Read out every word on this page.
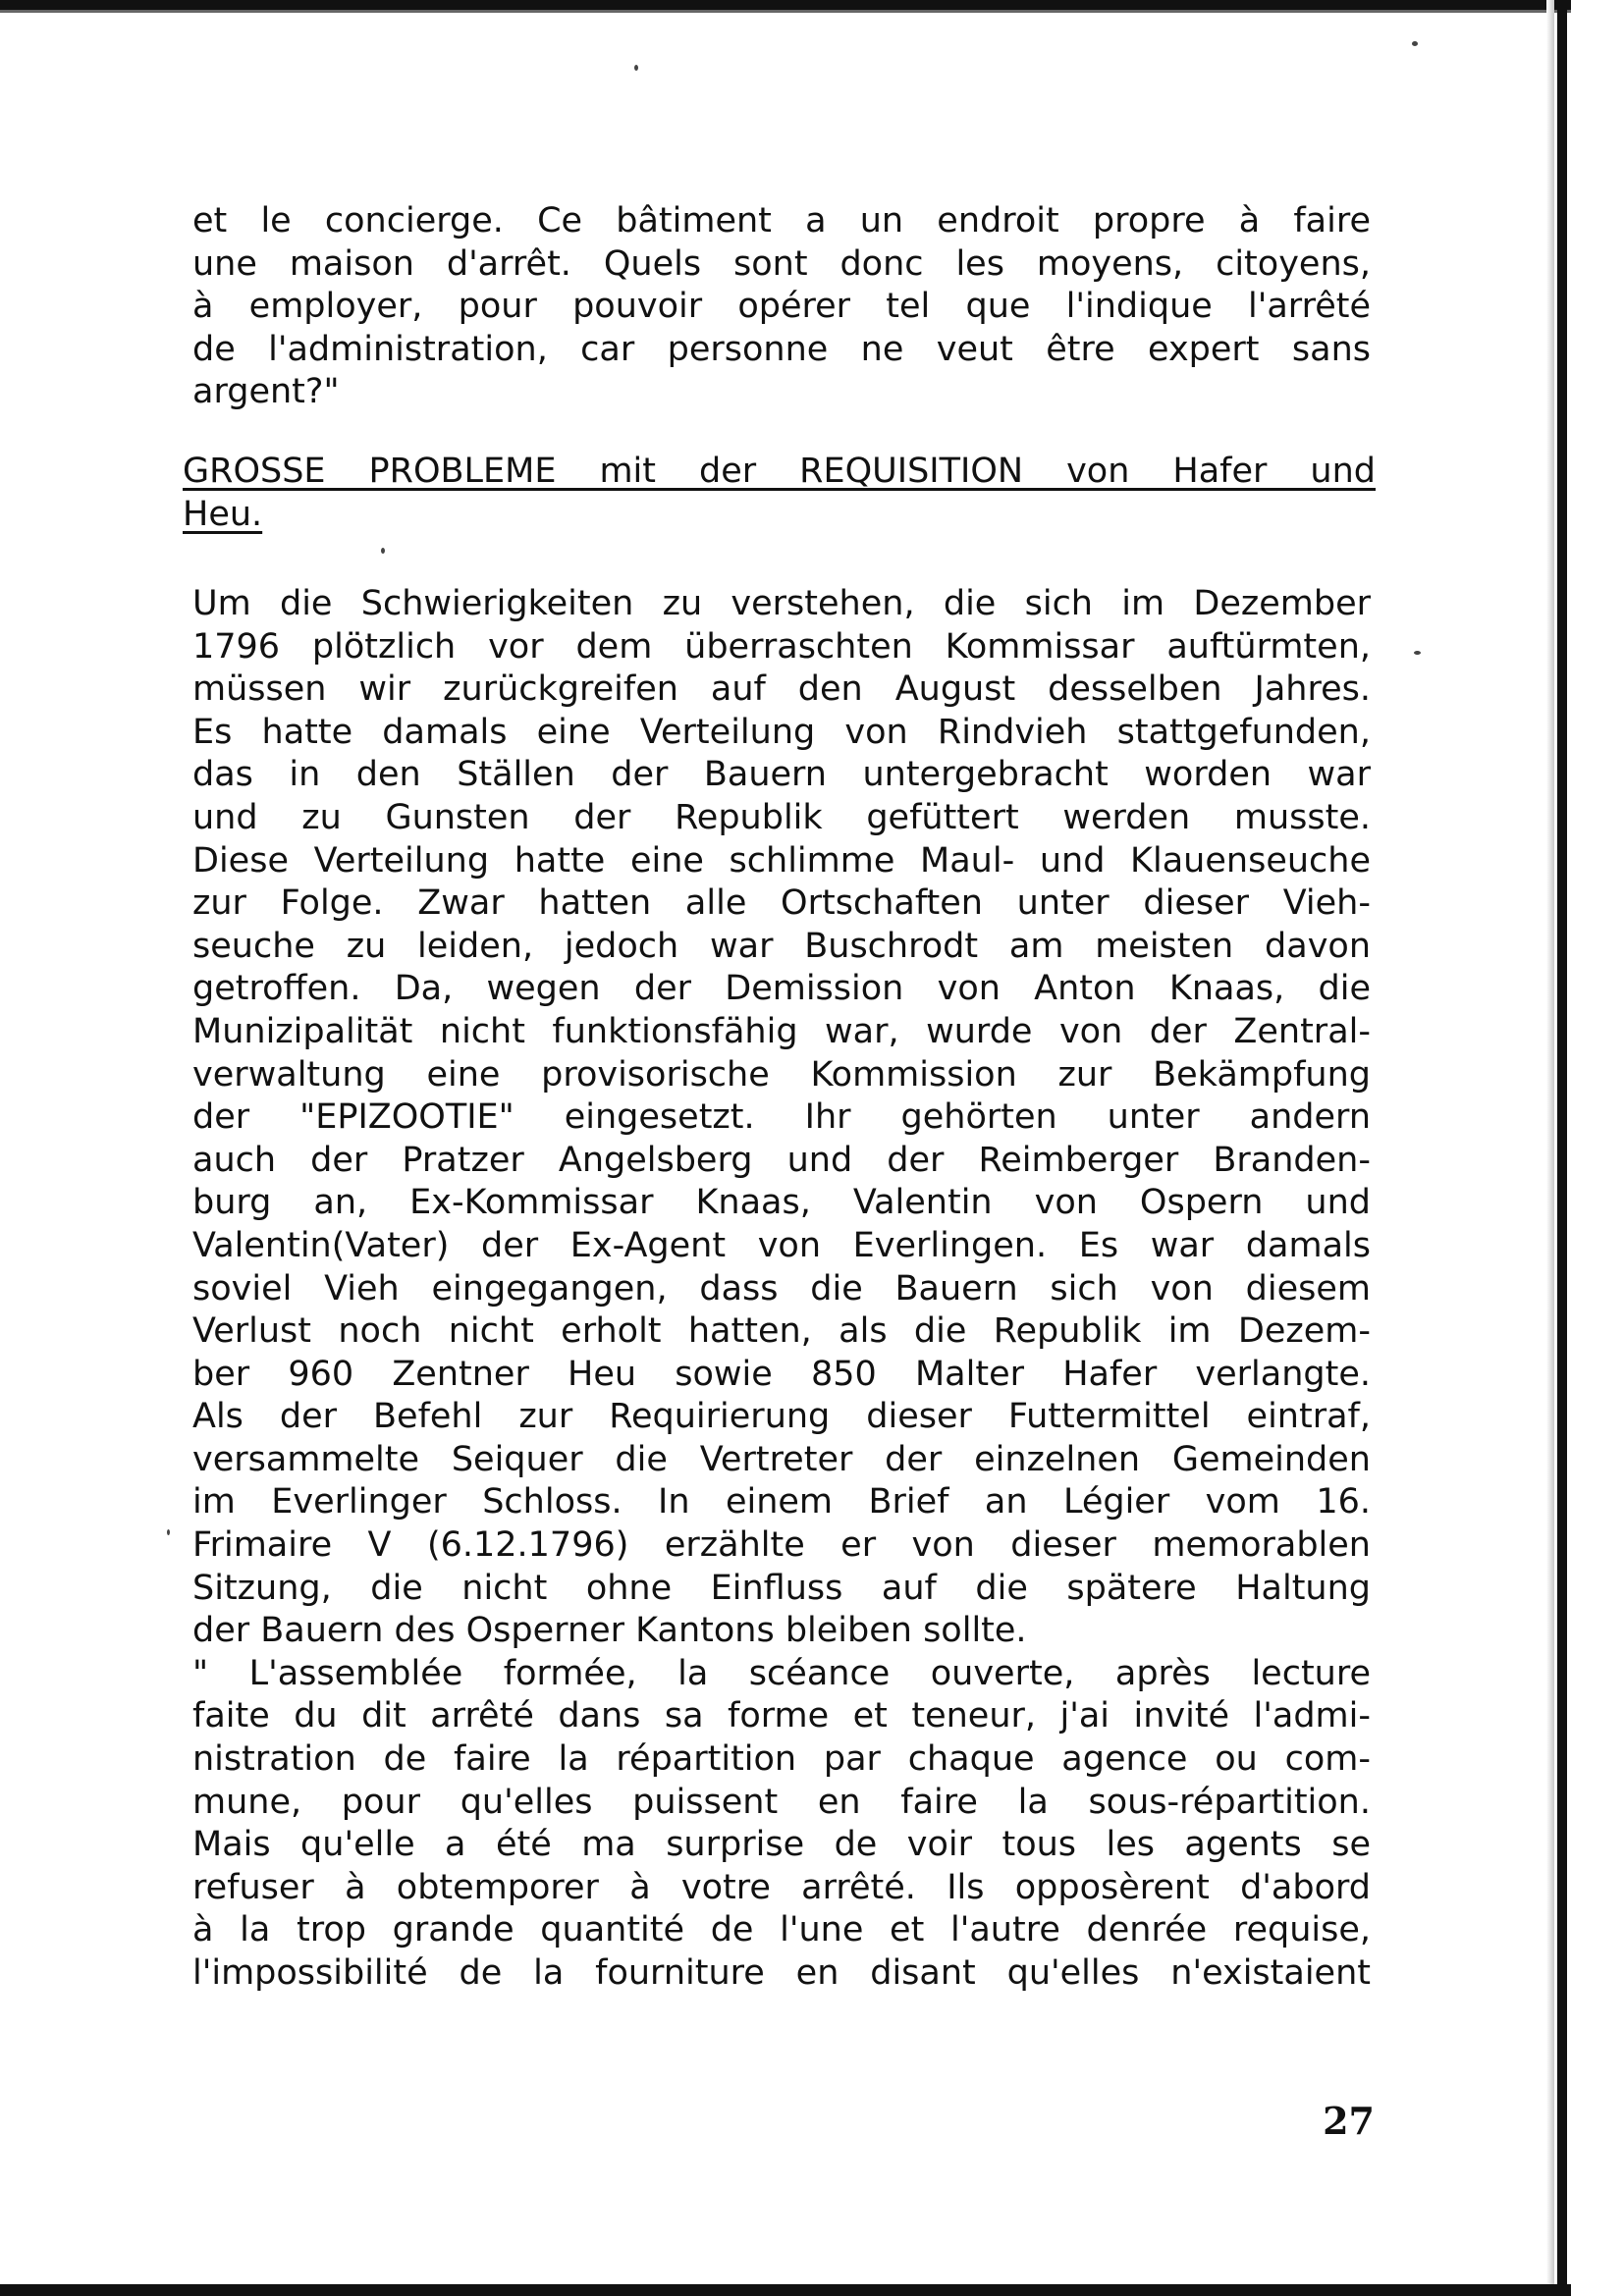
et le concierge. Ce bâtiment a un endroit propre à faire
une maison d'arrêt. Quels sont donc les moyens, citoyens,
à employer, pour pouvoir opérer tel que l'indique l'arrêté
de l'administration, car personne ne veut être expert sans
argent?"
GROSSE PROBLEME mit der REQUISITION von Hafer und
Heu.
Um die Schwierigkeiten zu verstehen, die sich im Dezember
1796 plötzlich vor dem überraschten Kommissar auftürmten,
müssen wir zurückgreifen auf den August desselben Jahres.
Es hatte damals eine Verteilung von Rindvieh stattgefunden,
das in den Ställen der Bauern untergebracht worden war
und zu Gunsten der Republik gefüttert werden musste.
Diese Verteilung hatte eine schlimme Maul- und Klauenseuche
zur Folge. Zwar hatten alle Ortschaften unter dieser Vieh-
seuche zu leiden, jedoch war Buschrodt am meisten davon
getroffen. Da, wegen der Demission von Anton Knaas, die
Munizipalität nicht funktionsfähig war, wurde von der Zentral-
verwaltung eine provisorische Kommission zur Bekämpfung
der "EPIZOOTIE" eingesetzt. Ihr gehörten unter andern
auch der Pratzer Angelsberg und der Reimberger Branden-
burg an, Ex-Kommissar Knaas, Valentin von Ospern und
Valentin(Vater) der Ex-Agent von Everlingen. Es war damals
soviel Vieh eingegangen, dass die Bauern sich von diesem
Verlust noch nicht erholt hatten, als die Republik im Dezem-
ber 960 Zentner Heu sowie 850 Malter Hafer verlangte.
Als der Befehl zur Requirierung dieser Futtermittel eintraf,
versammelte Seiquer die Vertreter der einzelnen Gemeinden
im Everlinger Schloss. In einem Brief an Légier vom 16.
Frimaire V (6.12.1796) erzählte er von dieser memorablen
Sitzung, die nicht ohne Einfluss auf die spätere Haltung
der Bauern des Osperner Kantons bleiben sollte.
" L'assemblée formée, la scéance ouverte, après lecture
faite du dit arrêté dans sa forme et teneur, j'ai invité l'admi-
nistration de faire la répartition par chaque agence ou com-
mune, pour qu'elles puissent en faire la sous-répartition.
Mais qu'elle a été ma surprise de voir tous les agents se
refuser à obtemporer à votre arrêté. Ils opposèrent d'abord
à la trop grande quantité de l'une et l'autre denrée requise,
l'impossibilité de la fourniture en disant qu'elles n'existaient
27
